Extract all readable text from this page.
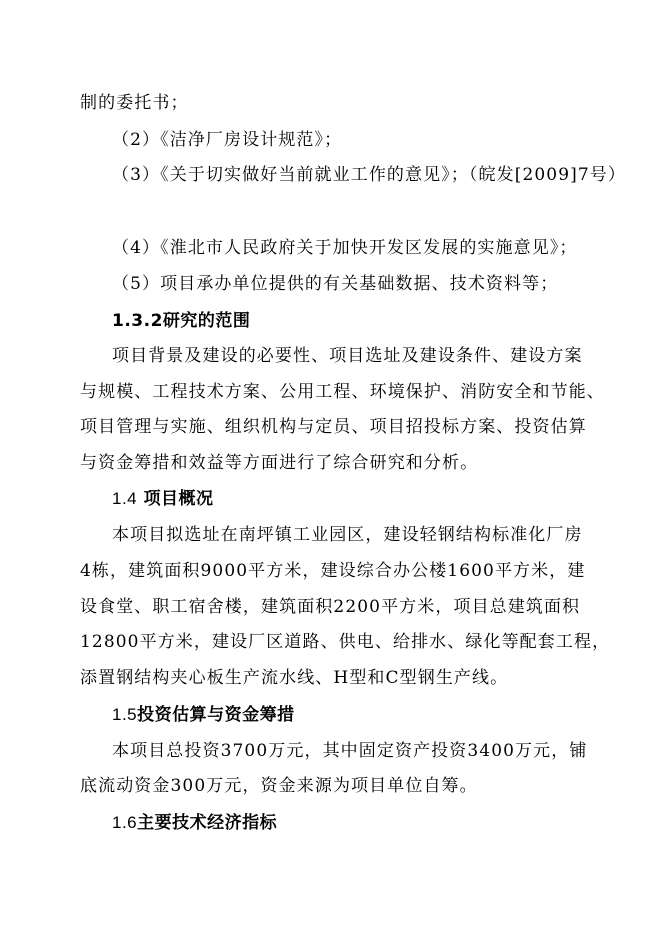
制的委托书；
（2）《洁净厂房设计规范》；
（3）《关于切实做好当前就业工作的意见》；（皖发[2009]7号）
（4）《淮北市人民政府关于加快开发区发展的实施意见》；
（5）项目承办单位提供的有关基础数据、技术资料等；
1.3.2研究的范围
项目背景及建设的必要性、项目选址及建设条件、建设方案
与规模、工程技术方案、公用工程、环境保护、消防安全和节能、
项目管理与实施、组织机构与定员、项目招投标方案、投资估算
与资金筹措和效益等方面进行了综合研究和分析。
1.4 项目概况
本项目拟选址在南坪镇工业园区，建设轻钢结构标准化厂房
4栋，建筑面积9000平方米，建设综合办公楼1600平方米，建
设食堂、职工宿舍楼，建筑面积2200平方米，项目总建筑面积
12800平方米，建设厂区道路、供电、给排水、绿化等配套工程，
添置钢结构夹心板生产流水线、H型和C型钢生产线。
1.5投资估算与资金筹措
本项目总投资3700万元，其中固定资产投资3400万元，铺
底流动资金300万元，资金来源为项目单位自筹。
1.6主要技术经济指标
